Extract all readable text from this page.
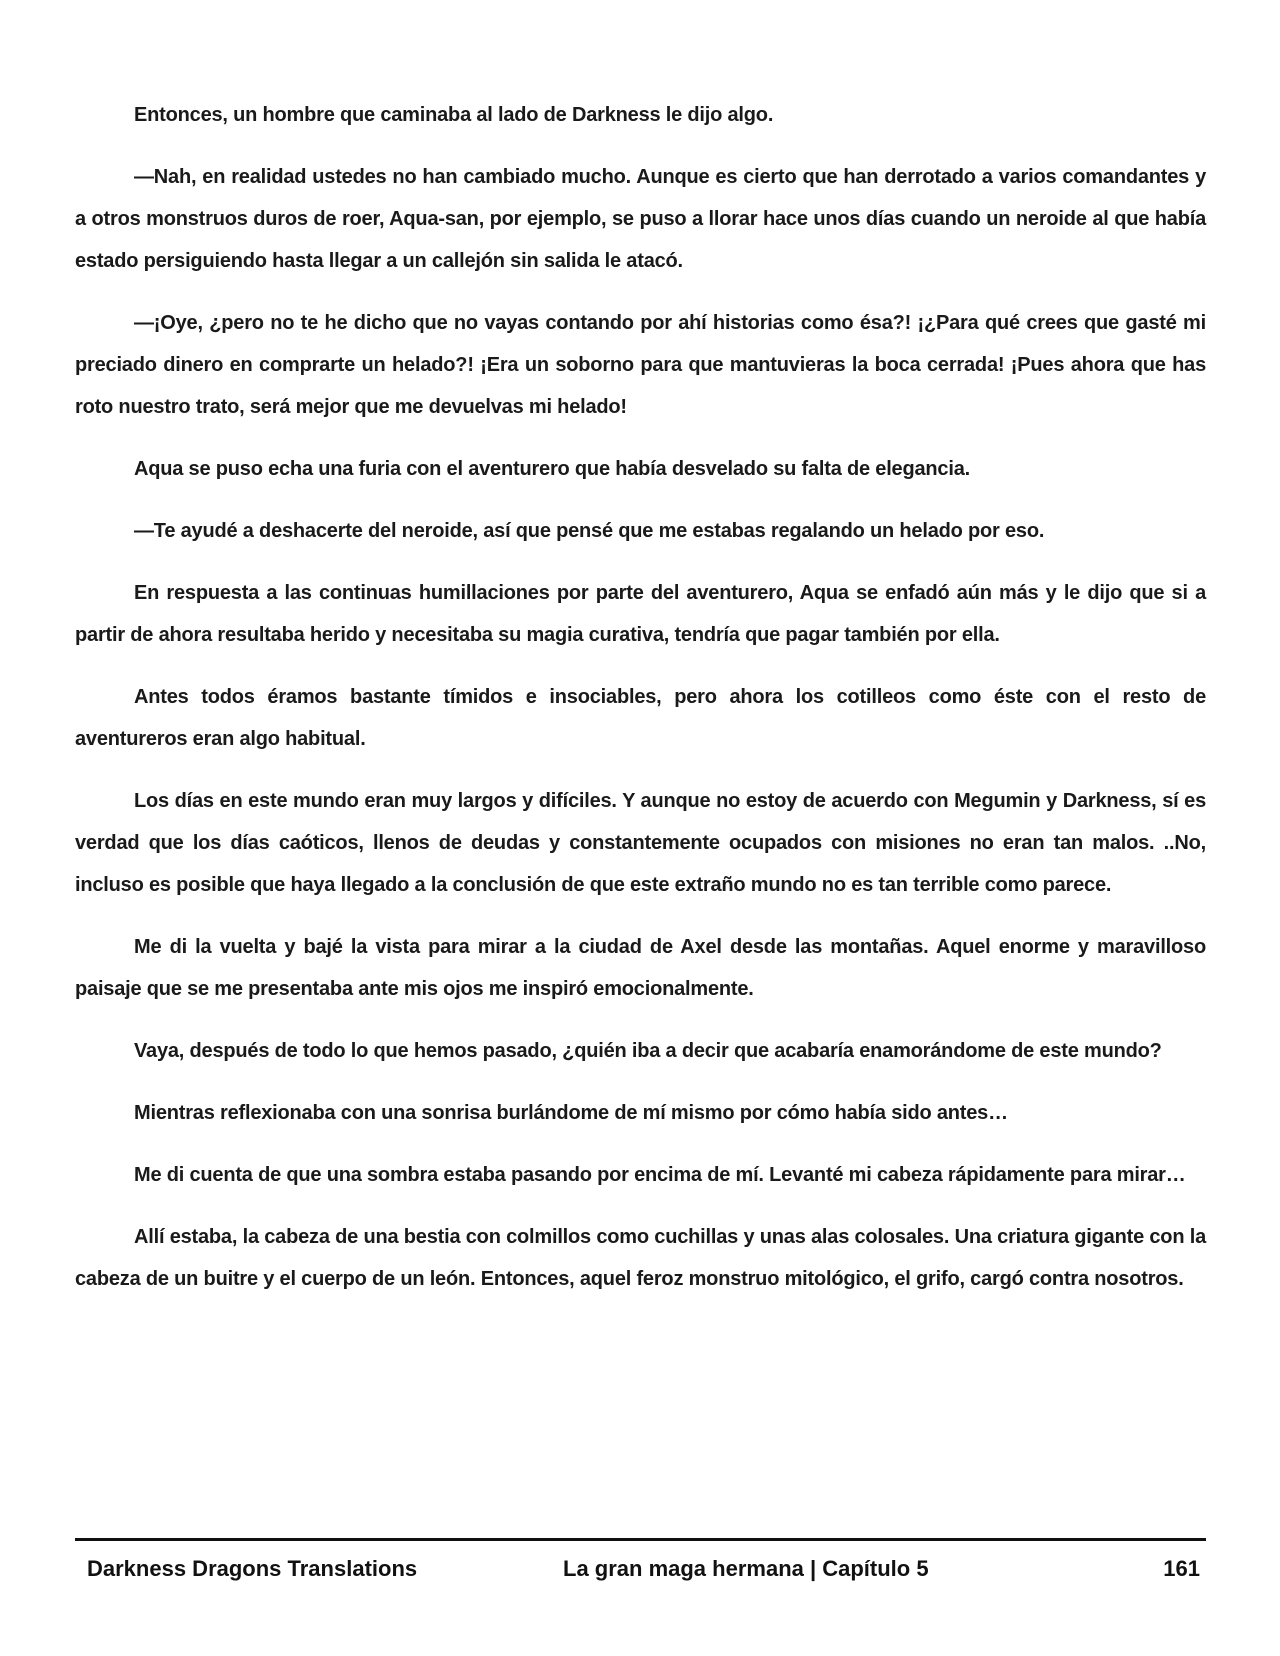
Entonces, un hombre que caminaba al lado de Darkness le dijo algo.

—Nah, en realidad ustedes no han cambiado mucho. Aunque es cierto que han derrotado a varios comandantes y a otros monstruos duros de roer, Aqua-san, por ejemplo, se puso a llorar hace unos días cuando un neroide al que había estado persiguiendo hasta llegar a un callejón sin salida le atacó.

—¡Oye, ¿pero no te he dicho que no vayas contando por ahí historias como ésa?! ¡¿Para qué crees que gasté mi preciado dinero en comprarte un helado?! ¡Era un soborno para que mantuvieras la boca cerrada! ¡Pues ahora que has roto nuestro trato, será mejor que me devuelvas mi helado!

Aqua se puso echa una furia con el aventurero que había desvelado su falta de elegancia.

—Te ayudé a deshacerte del neroide, así que pensé que me estabas regalando un helado por eso.

En respuesta a las continuas humillaciones por parte del aventurero, Aqua se enfadó aún más y le dijo que si a partir de ahora resultaba herido y necesitaba su magia curativa, tendría que pagar también por ella.

Antes todos éramos bastante tímidos e insociables, pero ahora los cotilleos como éste con el resto de aventureros eran algo habitual.

Los días en este mundo eran muy largos y difíciles. Y aunque no estoy de acuerdo con Megumin y Darkness, sí es verdad que los días caóticos, llenos de deudas y constantemente ocupados con misiones no eran tan malos. ..No, incluso es posible que haya llegado a la conclusión de que este extraño mundo no es tan terrible como parece.

Me di la vuelta y bajé la vista para mirar a la ciudad de Axel desde las montañas. Aquel enorme y maravilloso paisaje que se me presentaba ante mis ojos me inspiró emocionalmente.

Vaya, después de todo lo que hemos pasado, ¿quién iba a decir que acabaría enamorándome de este mundo?

Mientras reflexionaba con una sonrisa burlándome de mí mismo por cómo había sido antes…

Me di cuenta de que una sombra estaba pasando por encima de mí. Levanté mi cabeza rápidamente para mirar…

Allí estaba, la cabeza de una bestia con colmillos como cuchillas y unas alas colosales. Una criatura gigante con la cabeza de un buitre y el cuerpo de un león. Entonces, aquel feroz monstruo mitológico, el grifo, cargó contra nosotros.

Darkness Dragons Translations	La gran maga hermana | Capítulo 5	161
